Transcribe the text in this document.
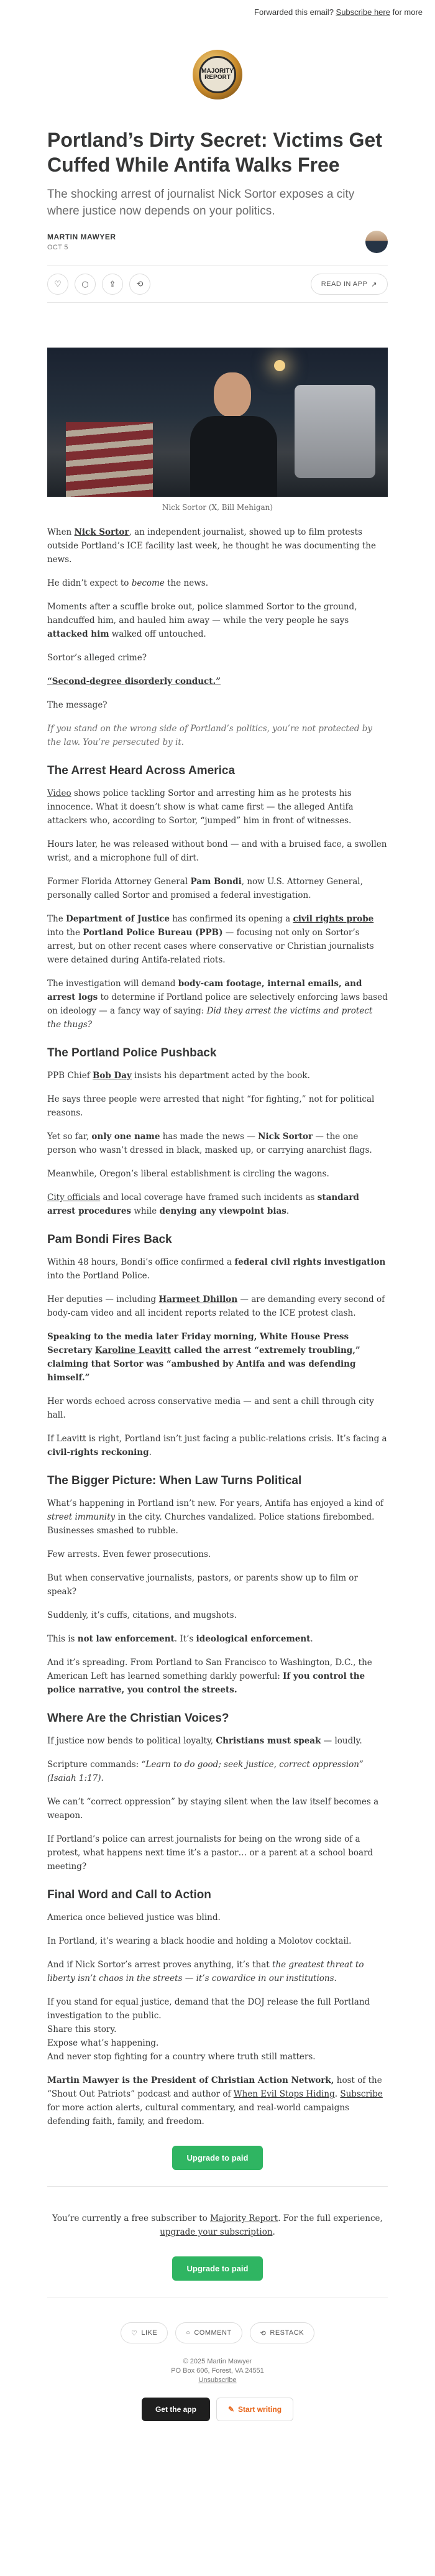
Forwarded this email? Subscribe here for more
MAJORITY REPORT
Portland’s Dirty Secret: Victims Get Cuffed While Antifa Walks Free

The shocking arrest of journalist Nick Sortor exposes a city where justice now depends on your politics.

MARTIN MAWYER
OCT 5
♡	○	⇪	⟲	READ IN APP ↗
Nick Sortor (X, Bill Mehigan)

When Nick Sortor, an independent journalist, showed up to film protests outside Portland’s ICE facility last week, he thought he was documenting the news.

He didn’t expect to become the news.

Moments after a scuffle broke out, police slammed Sortor to the ground, handcuffed him, and hauled him away — while the very people he says attacked him walked off untouched.

Sortor’s alleged crime?

“Second-degree disorderly conduct.”

The message?

If you stand on the wrong side of Portland’s politics, you’re not protected by the law. You’re persecuted by it.

The Arrest Heard Across America

Video shows police tackling Sortor and arresting him as he protests his innocence. What it doesn’t show is what came first — the alleged Antifa attackers who, according to Sortor, “jumped” him in front of witnesses.

Hours later, he was released without bond — and with a bruised face, a swollen wrist, and a microphone full of dirt.

Former Florida Attorney General Pam Bondi, now U.S. Attorney General, personally called Sortor and promised a federal investigation.

The Department of Justice has confirmed its opening a civil rights probe into the Portland Police Bureau (PPB) — focusing not only on Sortor’s arrest, but on other recent cases where conservative or Christian journalists were detained during Antifa-related riots.

The investigation will demand body-cam footage, internal emails, and arrest logs to determine if Portland police are selectively enforcing laws based on ideology — a fancy way of saying: Did they arrest the victims and protect the thugs?

The Portland Police Pushback

PPB Chief Bob Day insists his department acted by the book.

He says three people were arrested that night “for fighting,” not for political reasons.

Yet so far, only one name has made the news — Nick Sortor — the one person who wasn’t dressed in black, masked up, or carrying anarchist flags.

Meanwhile, Oregon’s liberal establishment is circling the wagons.

City officials and local coverage have framed such incidents as standard arrest procedures while denying any viewpoint bias.

Pam Bondi Fires Back

Within 48 hours, Bondi’s office confirmed a federal civil rights investigation into the Portland Police.

Her deputies — including Harmeet Dhillon — are demanding every second of body-cam video and all incident reports related to the ICE protest clash.

Speaking to the media later Friday morning, White House Press Secretary Karoline Leavitt called the arrest “extremely troubling,” claiming that Sortor was “ambushed by Antifa and was defending himself.”

Her words echoed across conservative media — and sent a chill through city hall.

If Leavitt is right, Portland isn’t just facing a public-relations crisis. It’s facing a civil-rights reckoning.

The Bigger Picture: When Law Turns Political

What’s happening in Portland isn’t new. For years, Antifa has enjoyed a kind of street immunity in the city. Churches vandalized. Police stations firebombed. Businesses smashed to rubble.

Few arrests. Even fewer prosecutions.

But when conservative journalists, pastors, or parents show up to film or speak?

Suddenly, it’s cuffs, citations, and mugshots.

This is not law enforcement. It’s ideological enforcement.

And it’s spreading. From Portland to San Francisco to Washington, D.C., the American Left has learned something darkly powerful: If you control the police narrative, you control the streets.

Where Are the Christian Voices?

If justice now bends to political loyalty, Christians must speak — loudly.

Scripture commands: “Learn to do good; seek justice, correct oppression” (Isaiah 1:17).

We can’t “correct oppression” by staying silent when the law itself becomes a weapon.

If Portland’s police can arrest journalists for being on the wrong side of a protest, what happens next time it’s a pastor… or a parent at a school board meeting?

Final Word and Call to Action

America once believed justice was blind.

In Portland, it’s wearing a black hoodie and holding a Molotov cocktail.

And if Nick Sortor’s arrest proves anything, it’s that the greatest threat to liberty isn’t chaos in the streets — it’s cowardice in our institutions.

If you stand for equal justice, demand that the DOJ release the full Portland investigation to the public.
Share this story.
Expose what’s happening.
And never stop fighting for a country where truth still matters.

Martin Mawyer is the President of Christian Action Network, host of the “Shout Out Patriots” podcast and author of When Evil Stops Hiding. Subscribe for more action alerts, cultural commentary, and real-world campaigns defending faith, family, and freedom.

Upgrade to paid

You’re currently a free subscriber to Majority Report. For the full experience, upgrade your subscription.

Upgrade to paid
♡ LIKE	○ COMMENT	⟲ RESTACK
© 2025 Martin Mawyer
PO Box 606, Forest, VA 24551
Unsubscribe
Get the app	✎ Start writing
